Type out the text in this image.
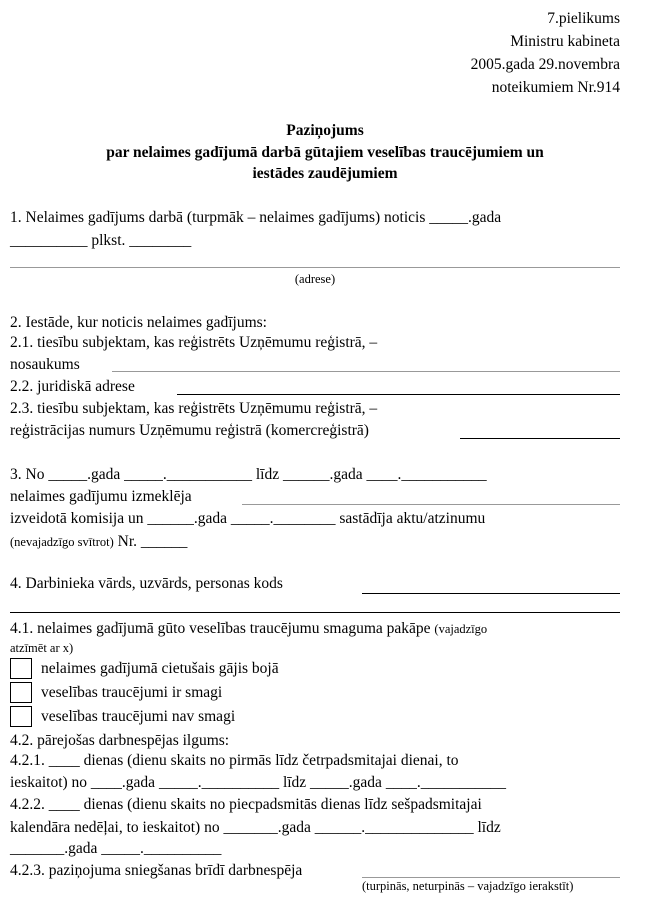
7.pielikums
Ministru kabineta
2005.gada 29.novembra
noteikumiem Nr.914
Paziņojums
par nelaimes gadījumā darbā gūtajiem veselības traucējumiem un
iestādes zaudējumiem
1. Nelaimes gadījums darbā (turpmāk – nelaimes gadījums) noticis _____.gada
__________ plkst. ________
(adrese)
2. Iestāde, kur noticis nelaimes gadījums:
2.1. tiesību subjektam, kas reģistrēts Uzņēmumu reģistrā, –
nosaukums
2.2. juridiskā adrese
2.3. tiesību subjektam, kas reģistrēts Uzņēmumu reģistrā, –
reģistrācijas numurs Uzņēmumu reģistrā (komercreģistrā)
3. No _____.gada _____.___________ līdz ______.gada ____.___________
nelaimes gadījumu izmeklēja
izveidotā komisija un ______.gada _____.________ sastādīja aktu/atzinumu
(nevajadzīgo svītrot) Nr. ______
4. Darbinieka vārds, uzvārds, personas kods
4.1. nelaimes gadījumā gūto veselības traucējumu smaguma pakāpe (vajadzīgo
atzīmēt ar x)
nelaimes gadījumā cietušais gājis bojā
veselības traucējumi ir smagi
veselības traucējumi nav smagi
4.2. pārejošas darbnespējas ilgums:
4.2.1. ____ dienas (dienu skaits no pirmās līdz četrpadsmitajai dienai, to
ieskaitot) no ____.gada _____.__________ līdz _____.gada ____.___________
4.2.2. ____ dienas (dienu skaits no piecpadsmitās dienas līdz sešpadsmitajai
kalendāra nedēļai, to ieskaitot) no _______.gada ______.______________ līdz
_______.gada _____.__________
4.2.3. paziņojuma sniegšanas brīdī darbnespēja
(turpinās, neturpinās – vajadzīgo ierakstīt)
